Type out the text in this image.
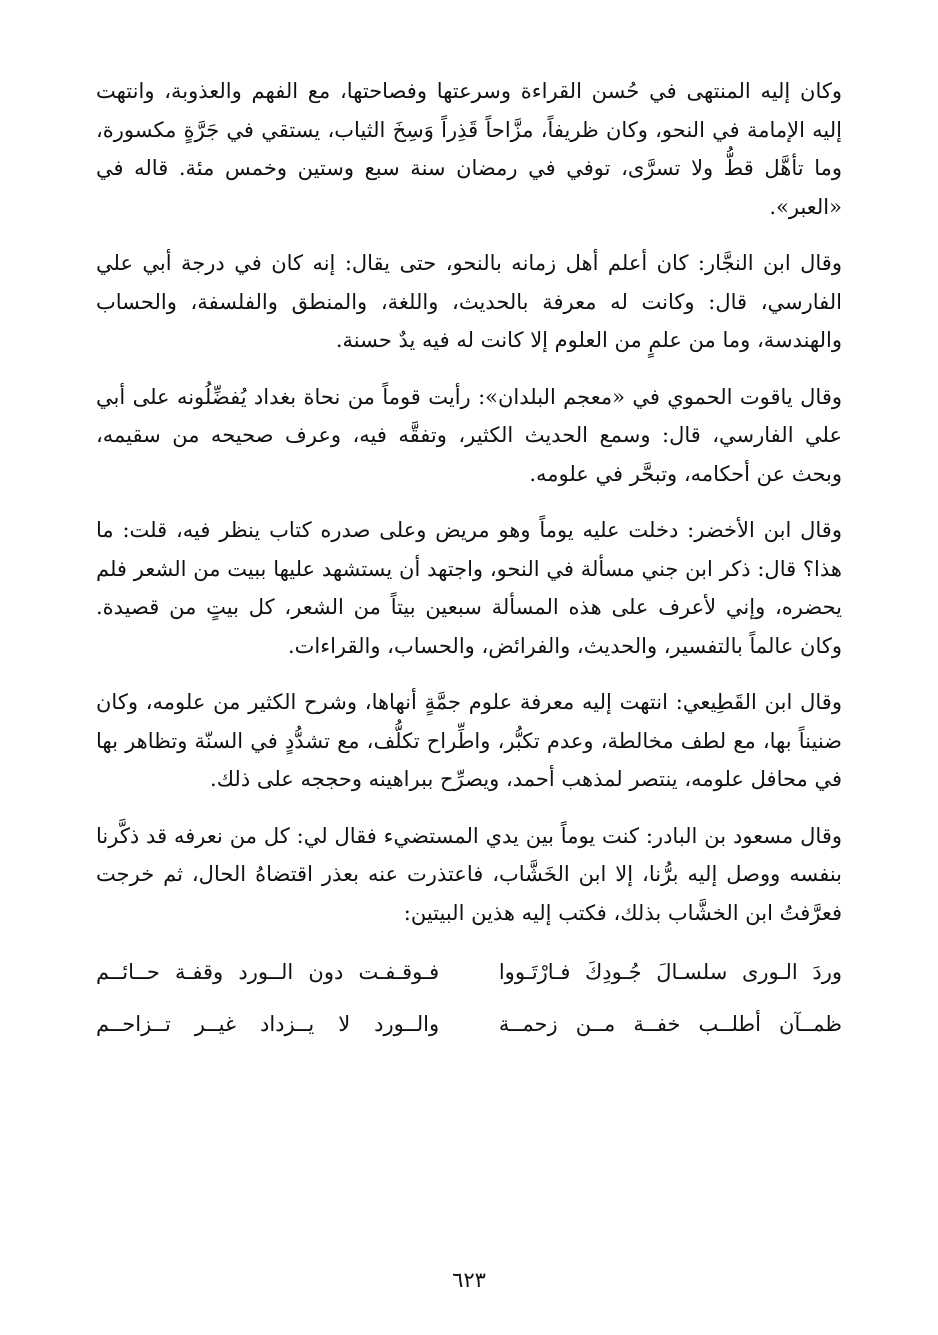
وكان إليه المنتهى في حُسن القراءة وسرعتها وفصاحتها، مع الفهم والعذوبة، وانتهت إليه الإمامة في النحو، وكان ظريفاً، مزَّاحاً قَذِراً وَسِخَ الثياب، يستقي في جَرَّةٍ مكسورة، وما تأهَّل قطُّ ولا تسرَّى، توفي في رمضان سنة سبع وستين وخمس مئة. قاله في «العبر».

وقال ابن النجَّار: كان أعلم أهل زمانه بالنحو، حتى يقال: إنه كان في درجة أبي علي الفارسي، قال: وكانت له معرفة بالحديث، واللغة، والمنطق والفلسفة، والحساب والهندسة، وما من علمٍ من العلوم إلا كانت له فيه يدٌ حسنة.

وقال ياقوت الحموي في «معجم البلدان»: رأيت قوماً من نحاة بغداد يُفضِّلُونه على أبي علي الفارسي، قال: وسمع الحديث الكثير، وتفقَّه فيه، وعرف صحيحه من سقيمه، وبحث عن أحكامه، وتبحَّر في علومه.

وقال ابن الأخضر: دخلت عليه يوماً وهو مريض وعلى صدره كتاب ينظر فيه، قلت: ما هذا؟ قال: ذكر ابن جني مسألة في النحو، واجتهد أن يستشهد عليها ببيت من الشعر فلم يحضره، وإني لأعرف على هذه المسألة سبعين بيتاً من الشعر، كل بيتٍ من قصيدة. وكان عالماً بالتفسير، والحديث، والفرائض، والحساب، والقراءات.

وقال ابن القَطِيعي: انتهت إليه معرفة علوم جمَّةٍ أنهاها، وشرح الكثير من علومه، وكان ضنيناً بها، مع لطف مخالطة، وعدم تكبُّر، واطِّراح تكلُّف، مع تشدُّدٍ في السنّة وتظاهر بها في محافل علومه، ينتصر لمذهب أحمد، ويصرِّح ببراهينه وحججه على ذلك.

وقال مسعود بن البادر: كنت يوماً بين يدي المستضيء فقال لي: كل من نعرفه قد ذكَّرنا بنفسه ووصل إليه برُّنا، إلا ابن الخَشَّاب، فاعتذرت عنه بعذر اقتضاهُ الحال، ثم خرجت فعرَّفتُ ابن الخشَّاب بذلك، فكتب إليه هذين البيتين:

وردَ الـورى سلسـالَ جُـودِكَ فـارْتَـووا
فـوقـفـت دون الــورد وقفـة حــائــم
ظمــآن أطلــب خفــة مــن زحمــة
والــورد لا يــزداد غيــر تــزاحــم
٦٢٣
